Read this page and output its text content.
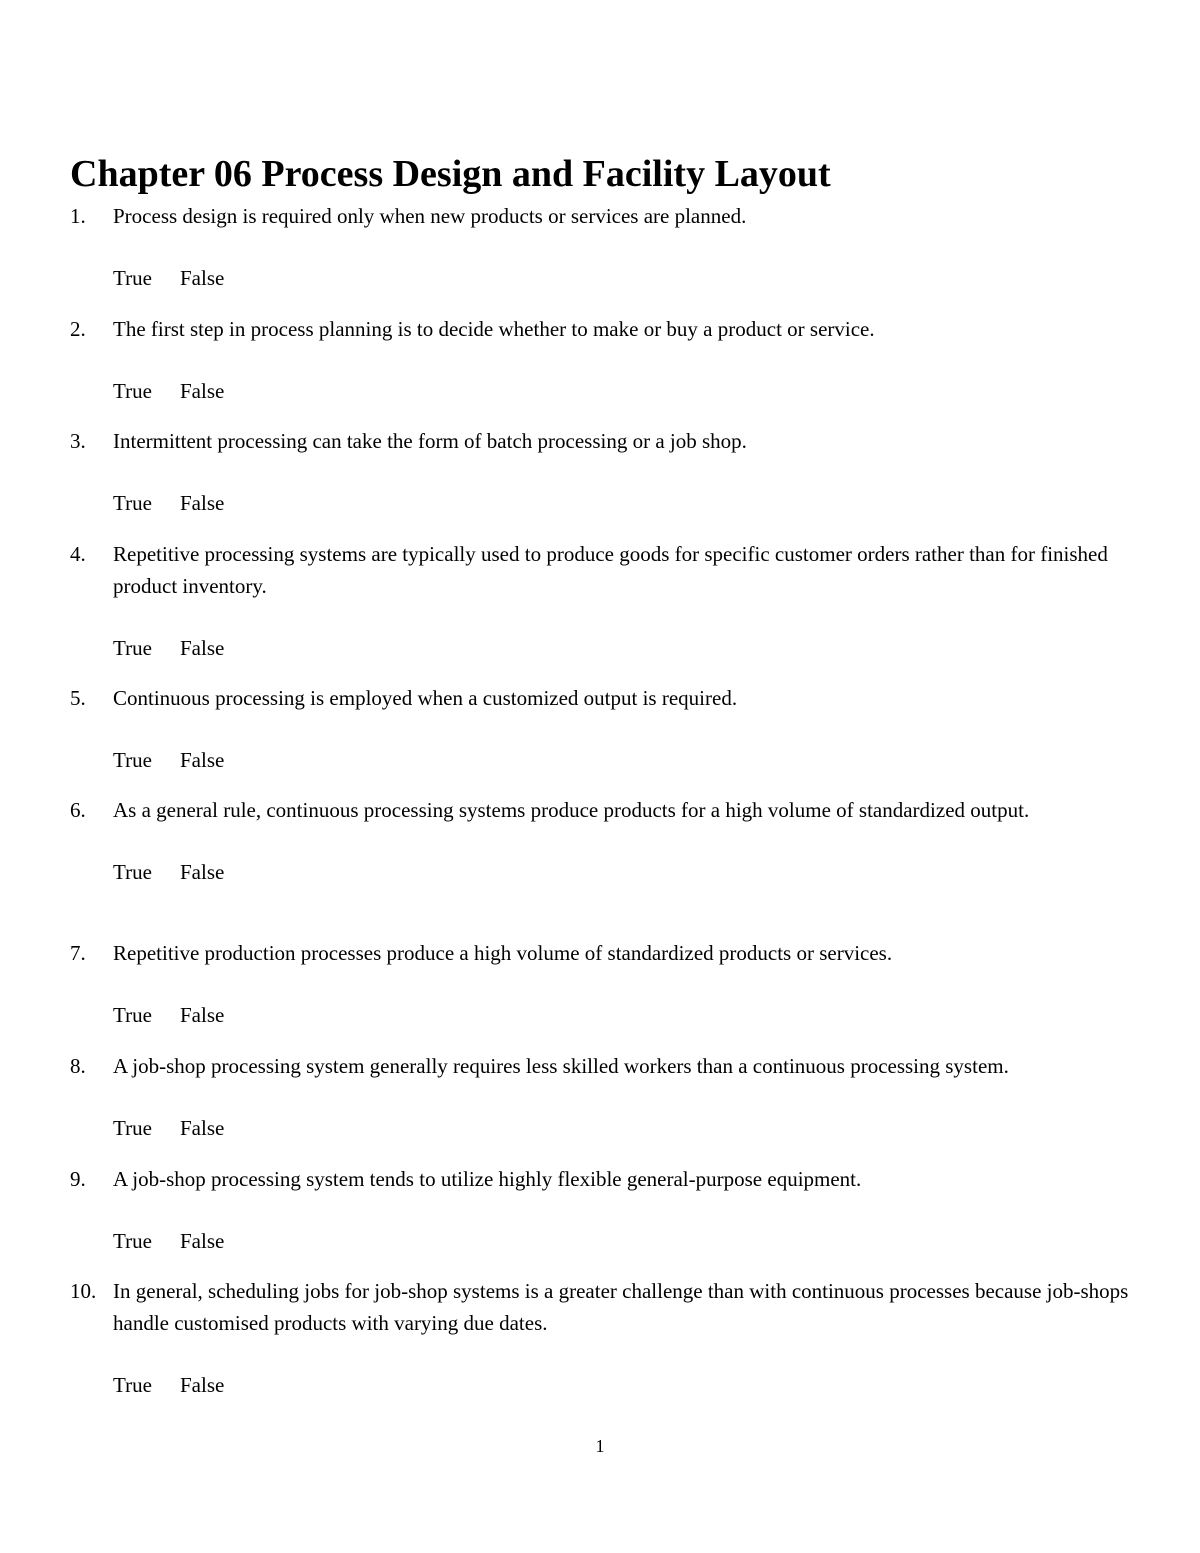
Chapter 06 Process Design and Facility Layout
1. Process design is required only when new products or services are planned.
True	False
2. The first step in process planning is to decide whether to make or buy a product or service.
True	False
3. Intermittent processing can take the form of batch processing or a job shop.
True	False
4. Repetitive processing systems are typically used to produce goods for specific customer orders rather than for finished product inventory.
True	False
5. Continuous processing is employed when a customized output is required.
True	False
6. As a general rule, continuous processing systems produce products for a high volume of standardized output.
True	False
7. Repetitive production processes produce a high volume of standardized products or services.
True	False
8. A job-shop processing system generally requires less skilled workers than a continuous processing system.
True	False
9. A job-shop processing system tends to utilize highly flexible general-purpose equipment.
True	False
10. In general, scheduling jobs for job-shop systems is a greater challenge than with continuous processes because job-shops handle customised products with varying due dates.
True	False
1
